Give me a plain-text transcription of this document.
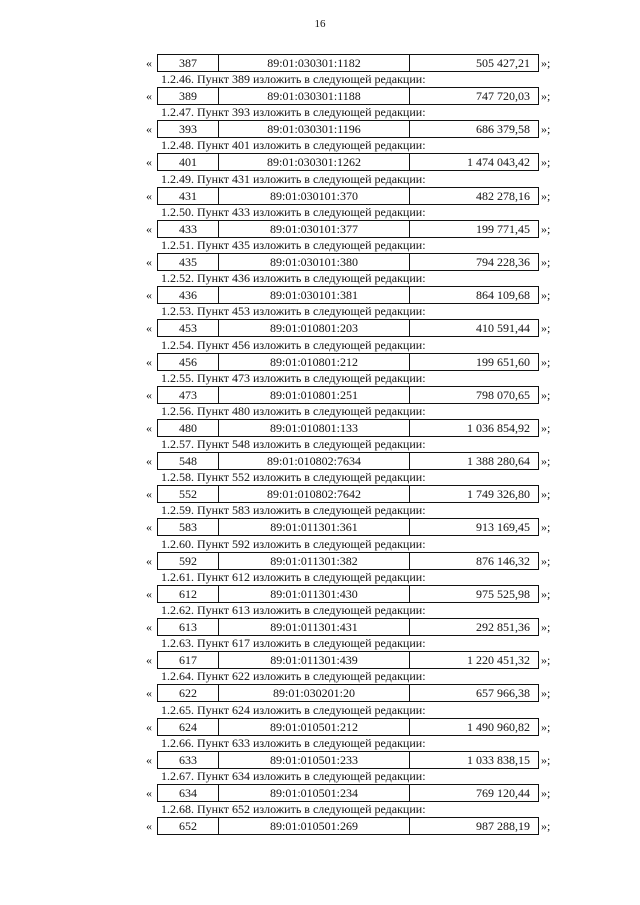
16
«	387	89:01:030301:1182	505 427,21 »;
1.2.46. Пункт 389 изложить в следующей редакции:
«	389	89:01:030301:1188	747 720,03 »;
1.2.47. Пункт 393 изложить в следующей редакции:
«	393	89:01:030301:1196	686 379,58 »;
1.2.48. Пункт 401 изложить в следующей редакции:
«	401	89:01:030301:1262	1 474 043,42 »;
1.2.49. Пункт 431 изложить в следующей редакции:
«	431	89:01:030101:370	482 278,16 »;
1.2.50. Пункт 433 изложить в следующей редакции:
«	433	89:01:030101:377	199 771,45 »;
1.2.51. Пункт 435 изложить в следующей редакции:
«	435	89:01:030101:380	794 228,36 »;
1.2.52. Пункт 436 изложить в следующей редакции:
«	436	89:01:030101:381	864 109,68 »;
1.2.53. Пункт 453 изложить в следующей редакции:
«	453	89:01:010801:203	410 591,44 »;
1.2.54. Пункт 456 изложить в следующей редакции:
«	456	89:01:010801:212	199 651,60 »;
1.2.55. Пункт 473 изложить в следующей редакции:
«	473	89:01:010801:251	798 070,65 »;
1.2.56. Пункт 480 изложить в следующей редакции:
«	480	89:01:010801:133	1 036 854,92 »;
1.2.57. Пункт 548 изложить в следующей редакции:
«	548	89:01:010802:7634	1 388 280,64 »;
1.2.58. Пункт 552 изложить в следующей редакции:
«	552	89:01:010802:7642	1 749 326,80 »;
1.2.59. Пункт 583 изложить в следующей редакции:
«	583	89:01:011301:361	913 169,45 »;
1.2.60. Пункт 592 изложить в следующей редакции:
«	592	89:01:011301:382	876 146,32 »;
1.2.61. Пункт 612 изложить в следующей редакции:
«	612	89:01:011301:430	975 525,98 »;
1.2.62. Пункт 613 изложить в следующей редакции:
«	613	89:01:011301:431	292 851,36 »;
1.2.63. Пункт 617 изложить в следующей редакции:
«	617	89:01:011301:439	1 220 451,32 »;
1.2.64. Пункт 622 изложить в следующей редакции:
«	622	89:01:030201:20	657 966,38 »;
1.2.65. Пункт 624 изложить в следующей редакции:
«	624	89:01:010501:212	1 490 960,82 »;
1.2.66. Пункт 633 изложить в следующей редакции:
«	633	89:01:010501:233	1 033 838,15 »;
1.2.67. Пункт 634 изложить в следующей редакции:
«	634	89:01:010501:234	769 120,44 »;
1.2.68. Пункт 652 изложить в следующей редакции:
«	652	89:01:010501:269	987 288,19 »;
